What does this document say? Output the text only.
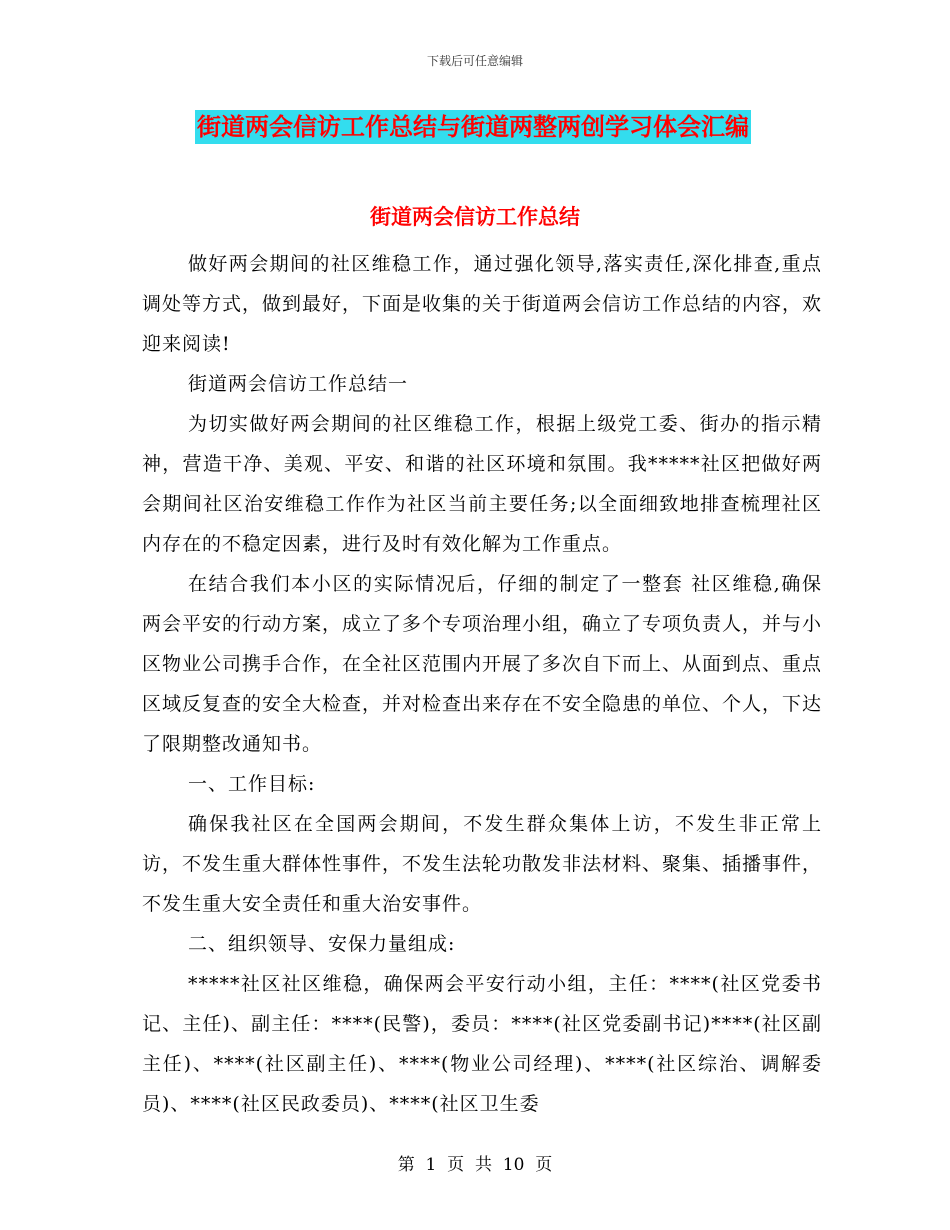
下载后可任意编辑
街道两会信访工作总结与街道两整两创学习体会汇编
街道两会信访工作总结

做好两会期间的社区维稳工作，通过强化领导,落实责任,深化排查,重点调处等方式，做到最好，下面是收集的关于街道两会信访工作总结的内容，欢迎来阅读!

街道两会信访工作总结一

为切实做好两会期间的社区维稳工作，根据上级党工委、街办的指示精神，营造干净、美观、平安、和谐的社区环境和氛围。我*****社区把做好两会期间社区治安维稳工作作为社区当前主要任务;以全面细致地排查梳理社区内存在的不稳定因素，进行及时有效化解为工作重点。

在结合我们本小区的实际情况后，仔细的制定了一整套 社区维稳,确保两会平安的行动方案，成立了多个专项治理小组，确立了专项负责人，并与小区物业公司携手合作，在全社区范围内开展了多次自下而上、从面到点、重点区域反复查的安全大检查，并对检查出来存在不安全隐患的单位、个人，下达了限期整改通知书。

一、工作目标:

确保我社区在全国两会期间，不发生群众集体上访，不发生非正常上访，不发生重大群体性事件，不发生法轮功散发非法材料、聚集、插播事件，不发生重大安全责任和重大治安事件。

二、组织领导、安保力量组成:

*****社区社区维稳，确保两会平安行动小组，主任：****(社区党委书记、主任)、副主任：****(民警)，委员：****(社区党委副书记)****(社区副主任)、****(社区副主任)、****(物业公司经理)、****(社区综治、调解委员)、****(社区民政委员)、****(社区卫生委

第  1  页  共  10  页
